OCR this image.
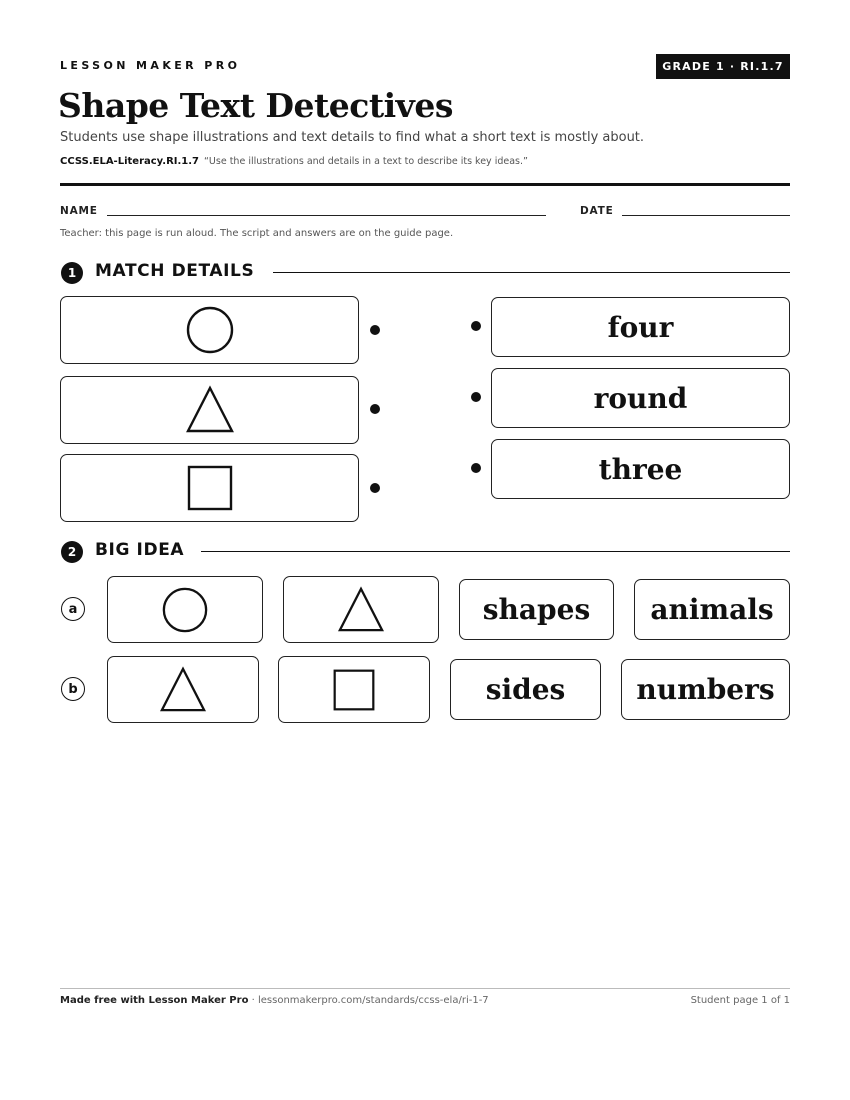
LESSON MAKER PRO	GRADE 1 · RI.1.7
Shape Text Detectives
Students use shape illustrations and text details to find what a short text is mostly about.
CCSS.ELA-Literacy.RI.1.7 “Use the illustrations and details in a text to describe its key ideas.”
NAME	DATE
Teacher: this page is run aloud. The script and answers are on the guide page.
1	MATCH DETAILS
four
round
three
2	BIG IDEA
a	shapes animals
b	sides	numbers
Made free with Lesson Maker Pro · lessonmakerpro.com/standards/ccss-ela/ri-1-7	Student page 1 of 1
